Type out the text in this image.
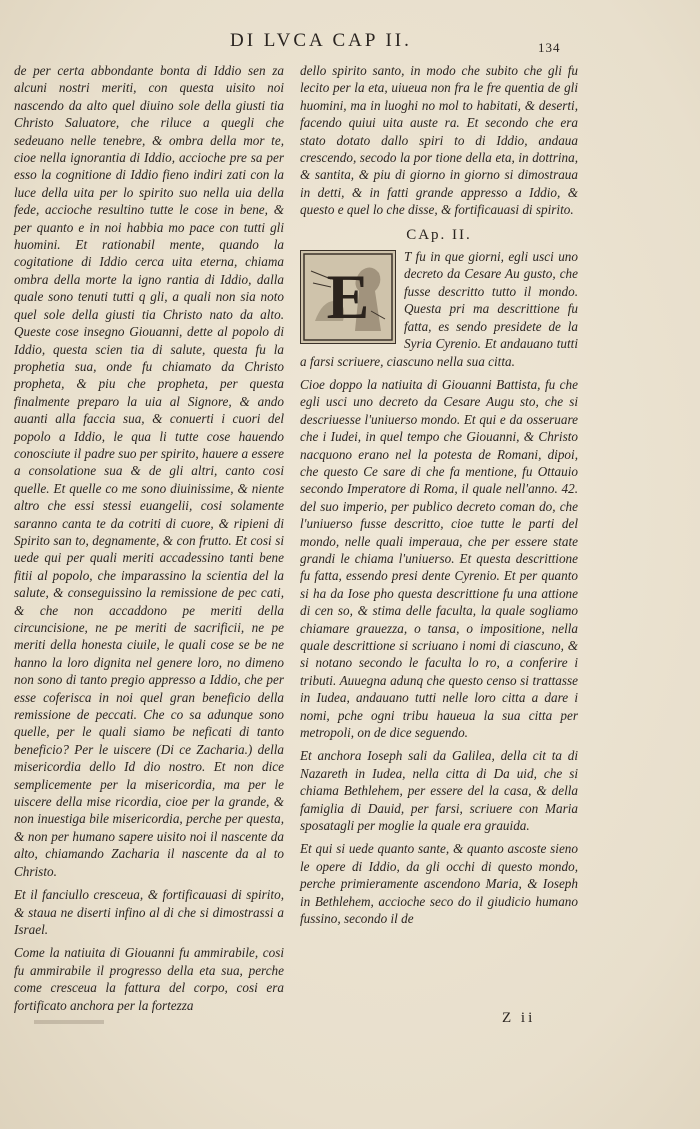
DI LVCA CAP II.	134

de per certa abbondante bonta di Iddio sen za alcuni nostri meriti, con questa uisito noi nascendo da alto quel diuino sole della giusti tia Christo Saluatore, che riluce a quegli che sedeuano nelle tenebre, & ombra della mor te, cioe nella ignorantia di Iddio, accioche pre sa per esso la cognitione di Iddio fieno indiri zati con la luce della uita per lo spirito suo nella uia della fede, accioche resultino tutte le cose in bene, & per quanto e in noi habbia mo pace con tutti gli huomini. Et rationabil mente, quando la cogitatione di Iddio cerca uita eterna, chiama ombra della morte la igno rantia di Iddio, dalla quale sono tenuti tutti q gli, a quali non sia noto quel sole della giusti tia Christo nato da alto. Queste cose insegno Giouanni, dette al popolo di Iddio, questa scien tia di salute, questa fu la prophetia sua, onde fu chiamato da Christo propheta, & piu che propheta, per questa finalmente preparo la uia al Signore, & ando auanti alla faccia sua, & conuerti i cuori del popolo a Iddio, le qua li tutte cose hauendo conosciute il padre suo per spirito, hauere a essere a consolatione sua & de gli altri, canto cosi quelle. Et quelle co me sono diuinissime, & niente altro che essi stessi euangelii, cosi solamente saranno canta te da cotriti di cuore, & ripieni di Spirito san to, degnamente, & con frutto. Et cosi si uede qui per quali meriti accadessino tanti bene fitii al popolo, che imparassino la scientia del la salute, & conseguissino la remissione de pec cati, & che non accaddono pe meriti della circuncisione, ne pe meriti de sacrificii, ne pe meriti della honesta ciuile, le quali cose se be ne hanno la loro dignita nel genere loro, no dimeno non sono di tanto pregio appresso a Iddio, che per esse coferisca in noi quel gran beneficio della remissione de peccati. Che co sa adunque sono quelle, per le quali siamo be neficati di tanto beneficio? Per le uiscere (Di ce Zacharia.) della misericordia dello Id dio nostro. Et non dice semplicemente per la misericordia, ma per le uiscere della mise ricordia, cioe per la grande, & non inuestiga bile misericordia, perche per questa, & non per humano sapere uisito noi il nascente da alto, chiamando Zacharia il nascente da al to Christo.

Et il fanciullo cresceua, & fortificauasi di spirito, & staua ne diserti infino al di che si dimostrassi a Israel.

Come la natiuita di Giouanni fu ammirabile, cosi fu ammirabile il progresso della eta sua, perche come cresceua la fattura del corpo, cosi era fortificato anchora per la fortezza

dello spirito santo, in modo che subito che gli fu lecito per la eta, uiueua non fra le fre quentia de gli huomini, ma in luoghi no mol to habitati, & deserti, facendo quiui uita auste ra. Et secondo che era stato dotato dallo spiri to di Iddio, andaua crescendo, secodo la por tione della eta, in dottrina, & santita, & piu di giorno in giorno si dimostraua in detti, & in fatti grande appresso a Iddio, & questo e quel lo che disse, & fortificauasi di spirito.

CAp. II.
E

T fu in que giorni, egli usci uno decreto da Cesare Au gusto, che fusse descritto tutto il mondo. Questa pri ma descrittione fu fatta, es sendo presidete de la Syria Cyrenio. Et andauano tutti a farsi scriuere, ciascuno nella sua citta.

Cioe doppo la natiuita di Giouanni Battista, fu che egli usci uno decreto da Cesare Augu sto, che si descriuesse l'uniuerso mondo. Et qui e da osseruare che i Iudei, in quel tempo che Giouanni, & Christo nacquono erano nel la potesta de Romani, dipoi, che questo Ce sare di che fa mentione, fu Ottauio secondo Imperatore di Roma, il quale nell'anno. 42. del suo imperio, per publico decreto coman do, che l'uniuerso fusse descritto, cioe tutte le parti del mondo, nelle quali imperaua, che per essere state grandi le chiama l'uniuerso. Et questa descrittione fu fatta, essendo presi dente Cyrenio. Et per quanto si ha da Iose pho questa descrittione fu una attione di cen so, & stima delle faculta, la quale sogliamo chiamare grauezza, o tansa, o impositione, nella quale descrittione si scriuano i nomi di ciascuno, & si notano secondo le faculta lo ro, a conferire i tributi. Auuegna adunq che questo censo si trattasse in Iudea, andauano tutti nelle loro citta a dare i nomi, pche ogni tribu haueua la sua citta per metropoli, on de dice seguendo.

Et anchora Ioseph sali da Galilea, della cit ta di Nazareth in Iudea, nella citta di Da uid, che si chiama Bethlehem, per essere del la casa, & della famiglia di Dauid, per farsi, scriuere con Maria sposatagli per moglie la quale era grauida.

Et qui si uede quanto sante, & quanto ascoste sieno le opere di Iddio, da gli occhi di questo mondo, perche primieramente ascendono Maria, & Ioseph in Bethlehem, accioche seco do il giudicio humano fussino, secondo il de

Z ii
